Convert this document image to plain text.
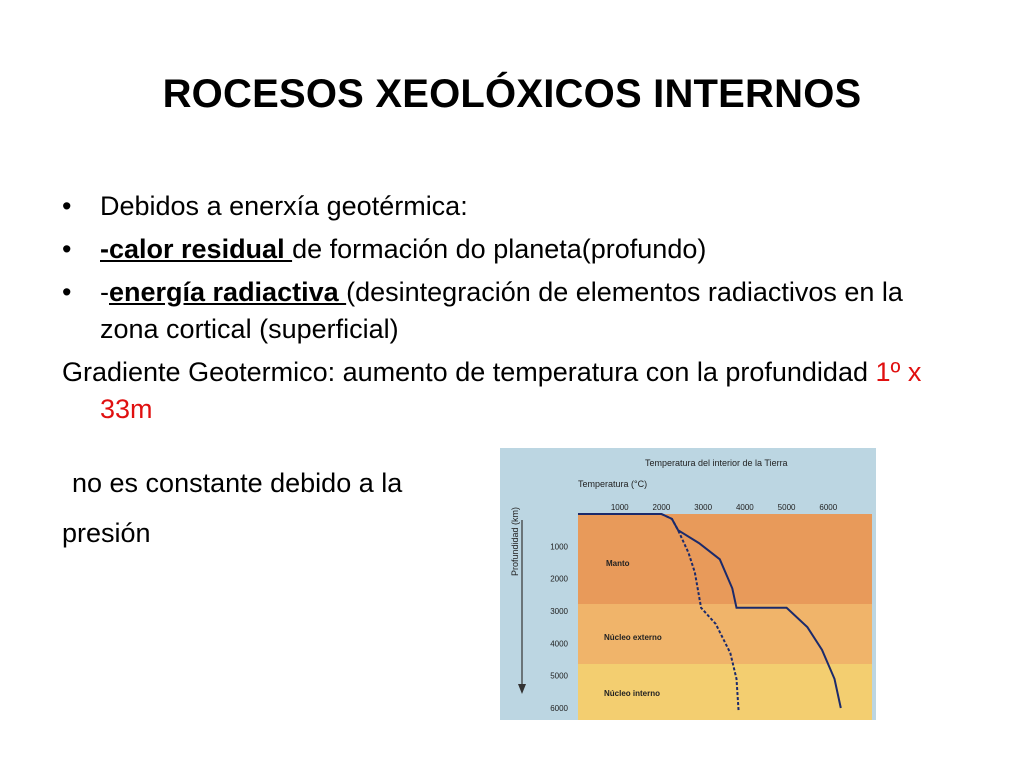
ROCESOS XEOLÓXICOS INTERNOS
• Debidos a enerxía geotérmica:
• -calor residual de formación do planeta(profundo)
• -energía radiactiva (desintegración de elementos radiactivos en la zona cortical (superficial)
Gradiente Geotermico: aumento de temperatura con la profundidad 1º x 33m
no es constante debido a la
presión
Temperatura del interior de la Tierra
Temperatura (°C)
Profundidad (km)	1000	2000	3000	4000	5000	6000
1000
2000
3000
4000
5000
6000
Manto
Núcleo externo
Núcleo interno
